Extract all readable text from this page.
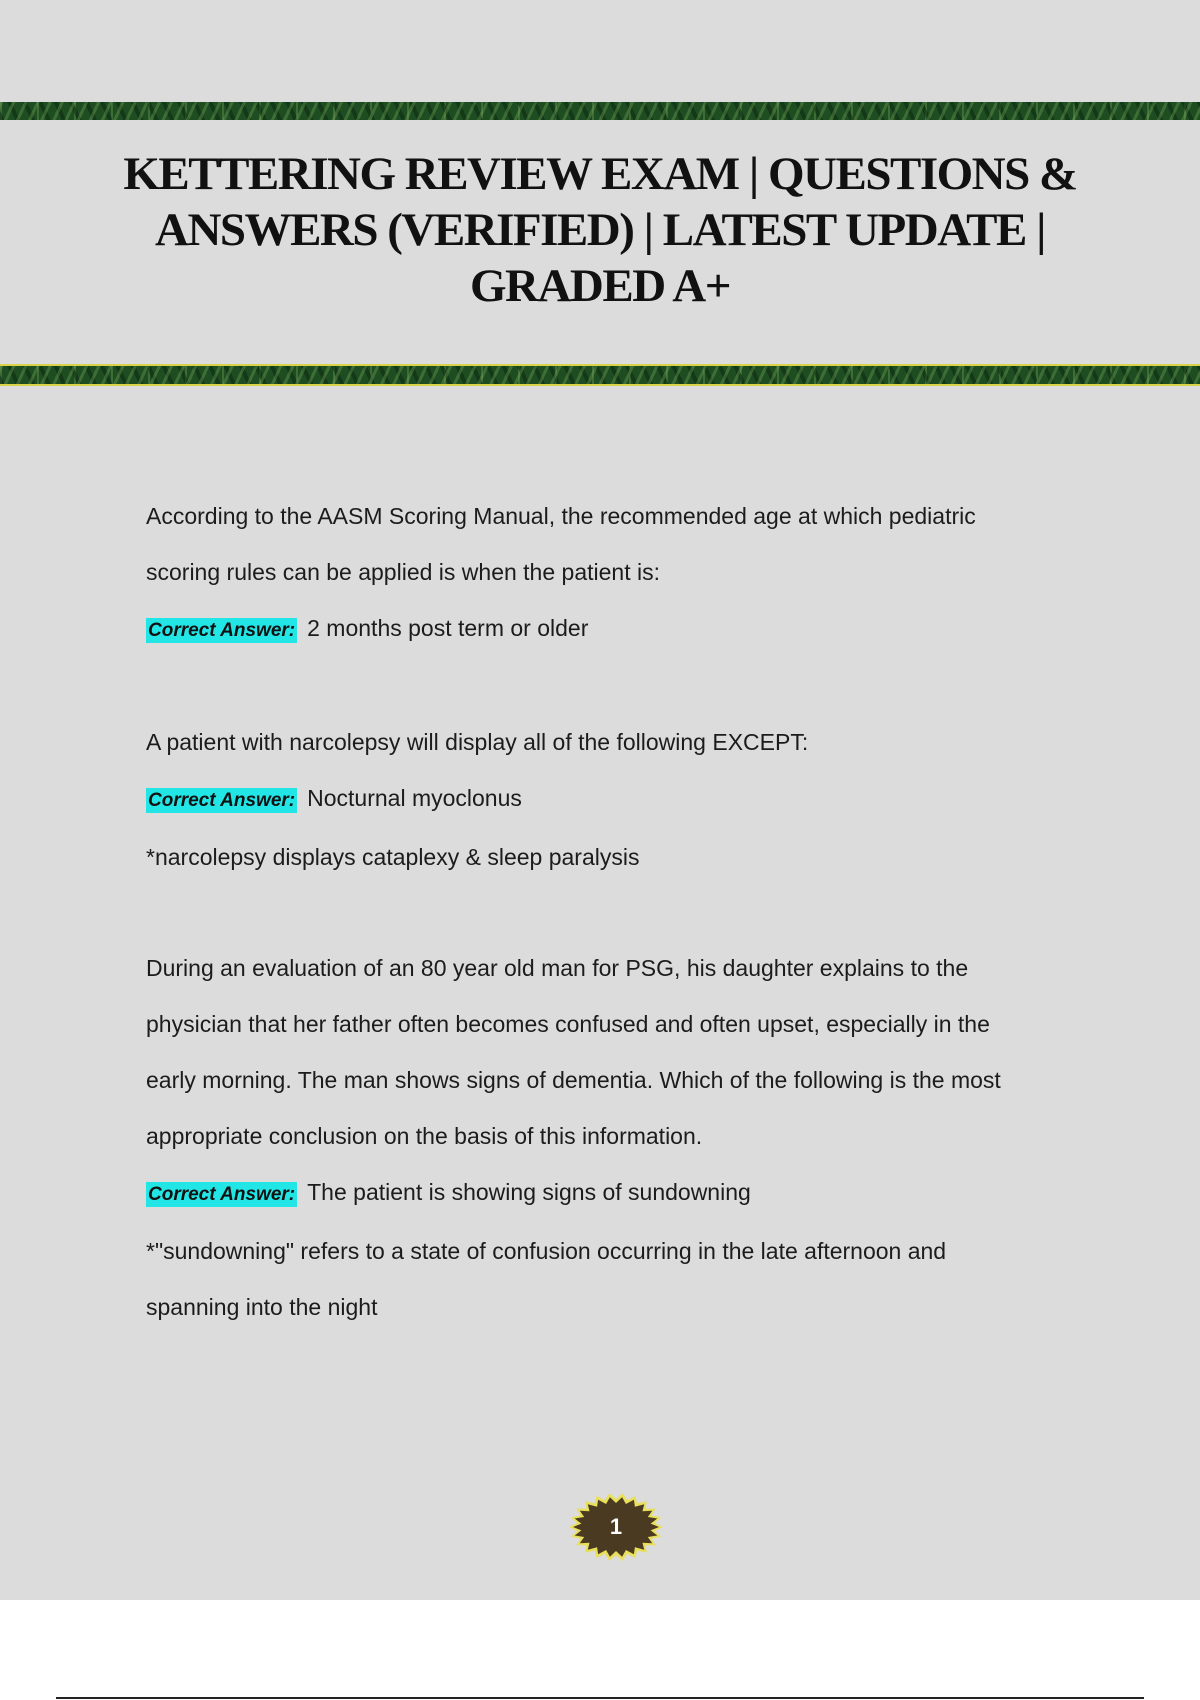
KETTERING REVIEW EXAM | QUESTIONS & ANSWERS (VERIFIED) | LATEST UPDATE | GRADED A+

According to the AASM Scoring Manual, the recommended age at which pediatric

scoring rules can be applied is when the patient is:

Correct Answer: 2 months post term or older

A patient with narcolepsy will display all of the following EXCEPT:

Correct Answer: Nocturnal myoclonus

*narcolepsy displays cataplexy & sleep paralysis

During an evaluation of an 80 year old man for PSG, his daughter explains to the

physician that her father often becomes confused and often upset, especially in the

early morning. The man shows signs of dementia. Which of the following is the most

appropriate conclusion on the basis of this information.

Correct Answer: The patient is showing signs of sundowning

*"sundowning" refers to a state of confusion occurring in the late afternoon and

spanning into the night

1
